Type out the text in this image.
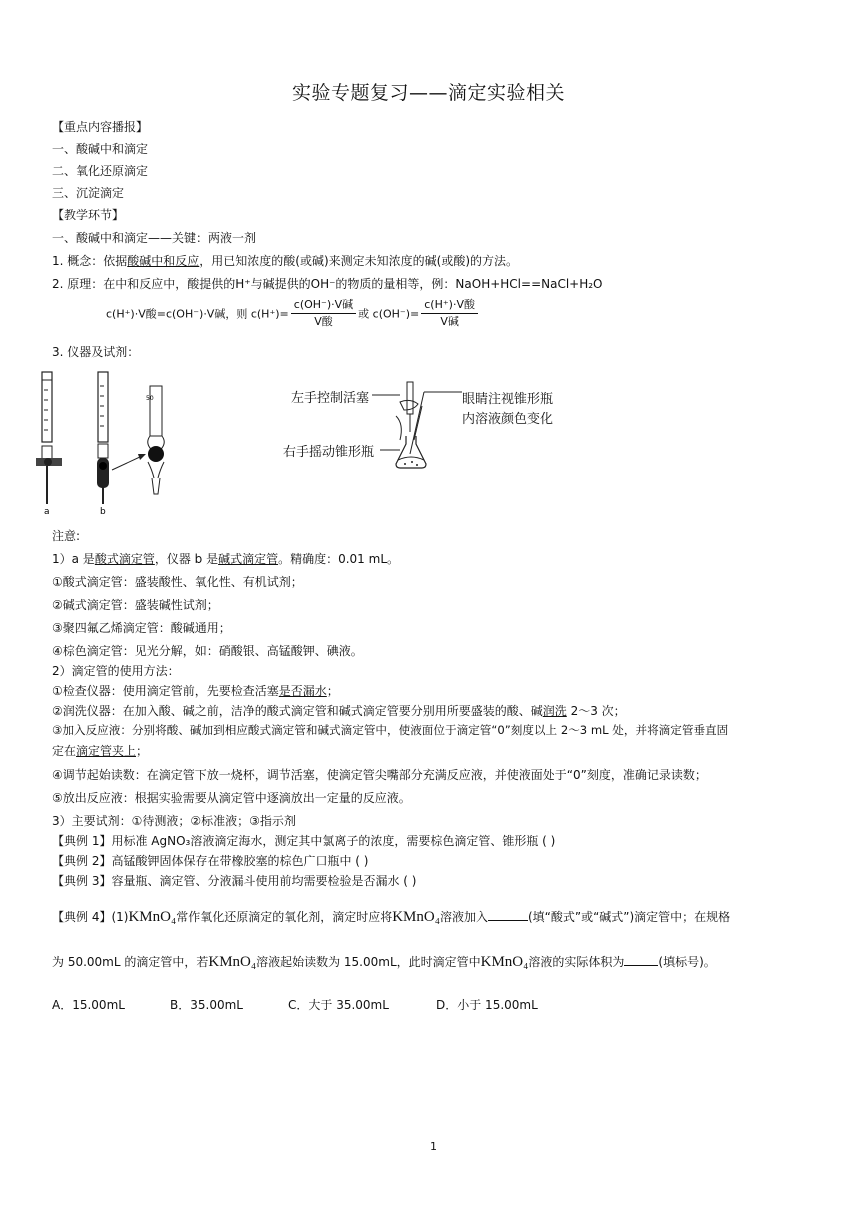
实验专题复习——滴定实验相关
【重点内容播报】
一、酸碱中和滴定
二、氧化还原滴定
三、沉淀滴定
【教学环节】
一、酸碱中和滴定——关键：两液一剂
1. 概念：依据酸碱中和反应，用已知浓度的酸(或碱)来测定未知浓度的碱(或酸)的方法。
2. 原理：在中和反应中，酸提供的H⁺与碱提供的OH⁻的物质的量相等，例：NaOH+HCl==NaCl+H₂O
c(H⁺)·V酸=c(OH⁻)·V碱，则 $c(H^+)= \frac{\text{c(OH⁻)·V碱}}{\text{V酸}}$ 或 $c(OH^-)= \frac{\text{c(H⁺)·V酸}}{\text{V碱}}$
3. 仪器及试剂：
a	b
50	左手控制活塞
右手摇动锥形瓶
眼睛注视锥形瓶
内溶液颜色变化
注意:
1）a 是酸式滴定管，仪器 b 是碱式滴定管。精确度：0.01 mL。
①酸式滴定管：盛装酸性、氧化性、有机试剂；
②碱式滴定管：盛装碱性试剂；
③聚四氟乙烯滴定管：酸碱通用；
④棕色滴定管：见光分解，如：硝酸银、高锰酸钾、碘液。
2）滴定管的使用方法：
①检查仪器：使用滴定管前，先要检查活塞是否漏水；
②润洗仪器：在加入酸、碱之前，洁净的酸式滴定管和碱式滴定管要分别用所要盛装的酸、碱润洗 2～3 次；
③加入反应液：分别将酸、碱加到相应酸式滴定管和碱式滴定管中，使液面位于滴定管“0”刻度以上 2～3 mL 处，并将滴定管垂直固
定在滴定管夹上；
④调节起始读数：在滴定管下放一烧杯，调节活塞，使滴定管尖嘴部分充满反应液，并使液面处于“0”刻度，准确记录读数；
⑤放出反应液：根据实验需要从滴定管中逐滴放出一定量的反应液。
3）主要试剂：①待测液；②标准液；③指示剂
【典例 1】用标准 AgNO₃溶液滴定海水，测定其中氯离子的浓度，需要棕色滴定管、锥形瓶 ( )
【典例 2】高锰酸钾固体保存在带橡胶塞的棕色广口瓶中 ( )
【典例 3】容量瓶、滴定管、分液漏斗使用前均需要检验是否漏水 ( )
【典例 4】(1)KMnO₄常作氧化还原滴定的氧化剂，滴定时应将KMnO₄溶液加入	(填“酸式”或“碱式”)滴定管中；在规格
为 50.00mL 的滴定管中，若KMnO₄溶液起始读数为 15.00mL，此时滴定管中KMnO₄溶液的实际体积为	(填标号)。
A．15.00mL	B．35.00mL	C．大于 35.00mL	D．小于 15.00mL
1
